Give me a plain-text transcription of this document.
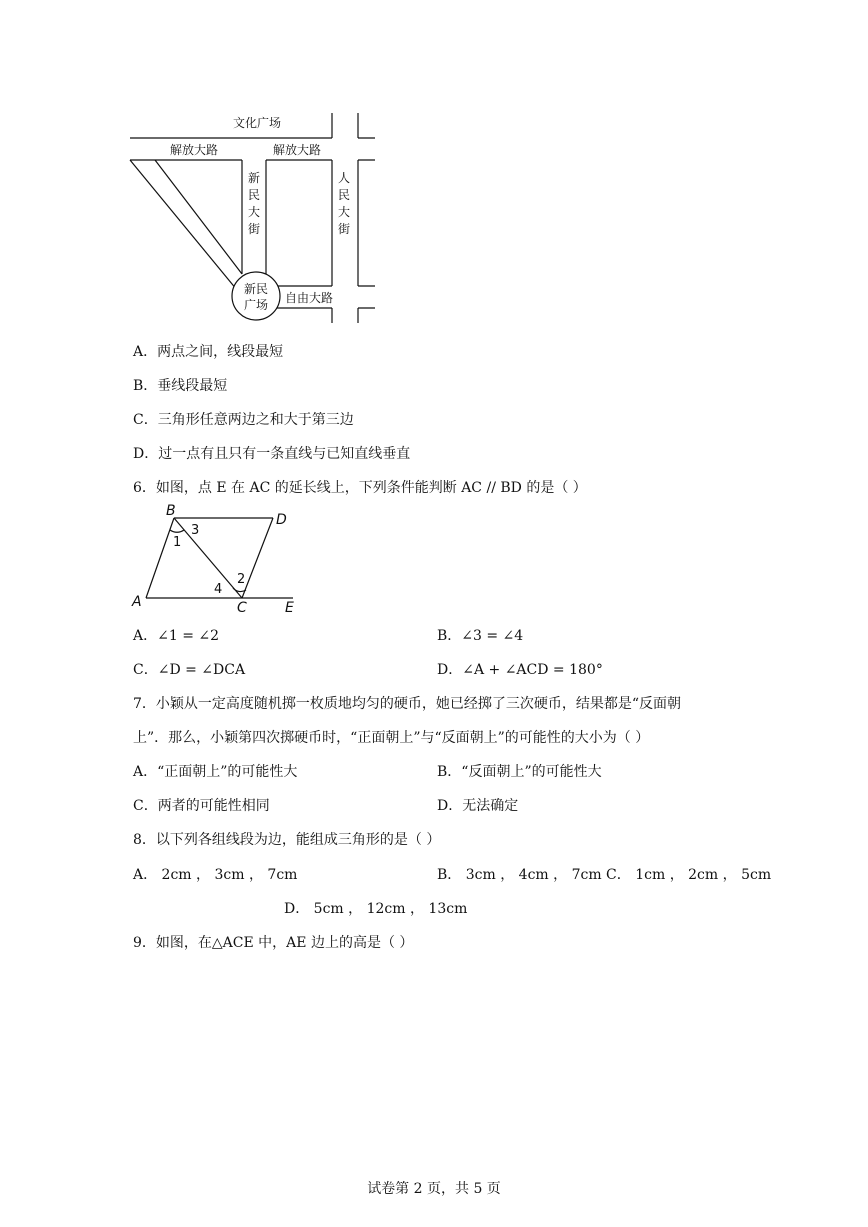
文化广场
解放大路	解放大路
新
民
大
街
人
民
大
街
新民
广场 自由大路
A．两点之间，线段最短
B．垂线段最短
C．三角形任意两边之和大于第三边
D．过一点有且只有一条直线与已知直线垂直
6．如图，点 E 在 AC 的延长线上，下列条件能判断 AC // BD 的是（ ）
B
D
A	C	E
1
3
4
2
A．∠1 = ∠2	B．∠3 = ∠4
C．∠D = ∠DCA	D．∠A + ∠ACD = 180°
7．小颖从一定高度随机掷一枚质地均匀的硬币，她已经掷了三次硬币，结果都是“反面朝
上”．那么，小颖第四次掷硬币时，“正面朝上”与“反面朝上”的可能性的大小为（ ）
A．“正面朝上”的可能性大	B．“反面朝上”的可能性大
C．两者的可能性相同	D．无法确定
8．以下列各组线段为边，能组成三角形的是（ ）
A． 2cm ， 3cm ， 7cm	B． 3cm ， 4cm ， 7cm C． 1cm ， 2cm ， 5cm
D． 5cm ， 12cm ， 13cm
9．如图，在△ACE 中，AE 边上的高是（ ）
试卷第 2 页，共 5 页
